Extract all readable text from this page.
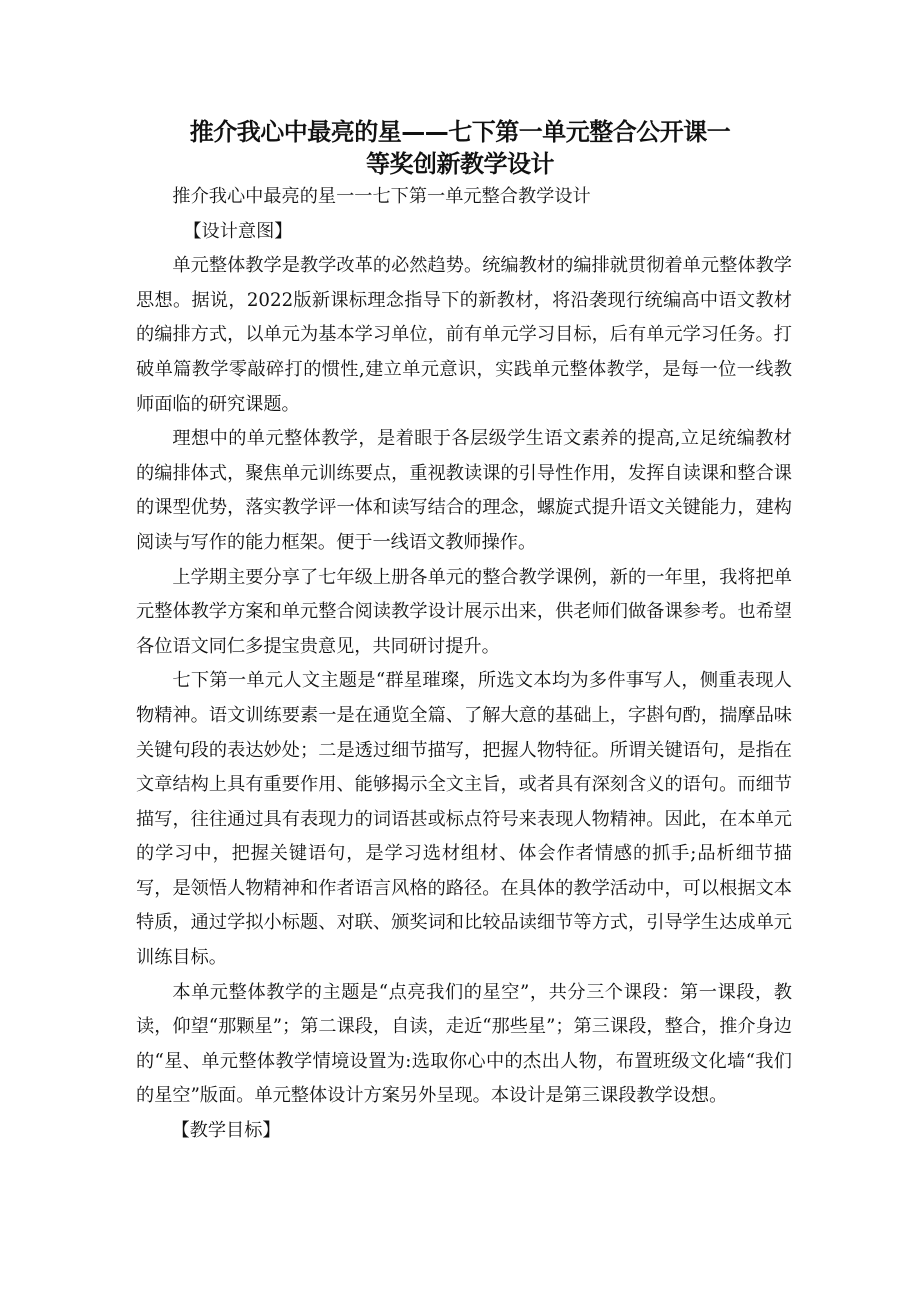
推介我心中最亮的星——七下第一单元整合公开课一
等奖创新教学设计

推介我心中最亮的星一一七下第一单元整合教学设计

【设计意图】

单元整体教学是教学改革的必然趋势。统编教材的编排就贯彻着单元整体教学思想。据说，2022版新课标理念指导下的新教材，将沿袭现行统编高中语文教材的编排方式，以单元为基本学习单位，前有单元学习目标，后有单元学习任务。打破单篇教学零敲碎打的惯性,建立单元意识，实践单元整体教学，是每一位一线教师面临的研究课题。

理想中的单元整体教学，是着眼于各层级学生语文素养的提高,立足统编教材的编排体式，聚焦单元训练要点，重视教读课的引导性作用，发挥自读课和整合课的课型优势，落实教学评一体和读写结合的理念，螺旋式提升语文关键能力，建构阅读与写作的能力框架。便于一线语文教师操作。

上学期主要分享了七年级上册各单元的整合教学课例，新的一年里，我将把单元整体教学方案和单元整合阅读教学设计展示出来，供老师们做备课参考。也希望各位语文同仁多提宝贵意见，共同研讨提升。

七下第一单元人文主题是“群星璀璨，所选文本均为多件事写人，侧重表现人物精神。语文训练要素一是在通览全篇、了解大意的基础上，字斟句酌，揣摩品味关键句段的表达妙处；二是透过细节描写，把握人物特征。所谓关键语句，是指在文章结构上具有重要作用、能够揭示全文主旨，或者具有深刻含义的语句。而细节描写，往往通过具有表现力的词语甚或标点符号来表现人物精神。因此，在本单元的学习中，把握关键语句，是学习选材组材、体会作者情感的抓手;品析细节描写，是领悟人物精神和作者语言风格的路径。在具体的教学活动中，可以根据文本特质，通过学拟小标题、对联、颁奖词和比较品读细节等方式，引导学生达成单元训练目标。

本单元整体教学的主题是“点亮我们的星空”，共分三个课段：第一课段，教读，仰望“那颗星”；第二课段，自读，走近“那些星”；第三课段，整合，推介身边的“星、单元整体教学情境设置为:选取你心中的杰出人物，布置班级文化墙“我们的星空”版面。单元整体设计方案另外呈现。本设计是第三课段教学设想。

【教学目标】
